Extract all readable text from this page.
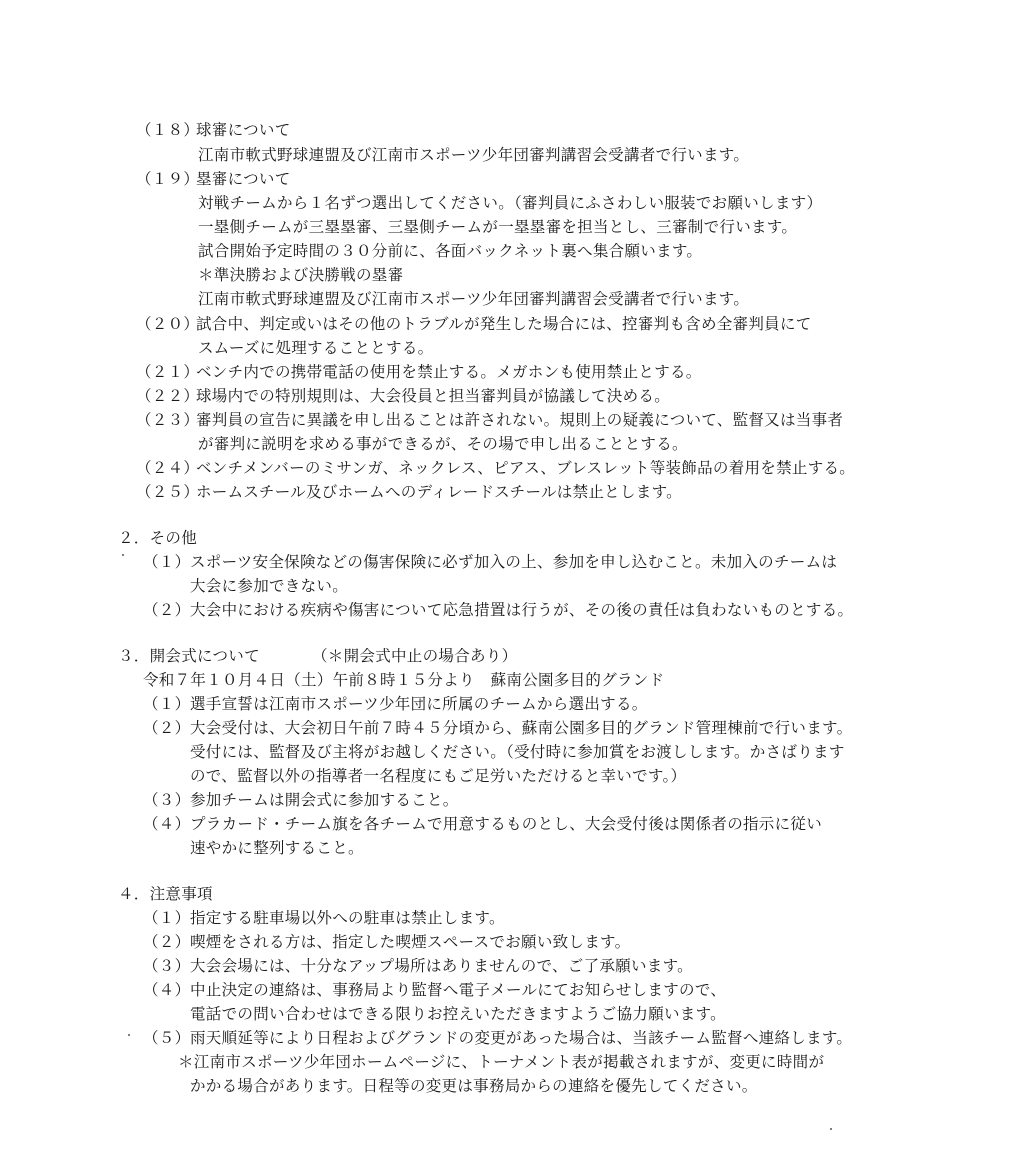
（１８）
球審について
江南市軟式野球連盟及び江南市スポーツ少年団審判講習会受講者で行います。
（１９）
塁審について
対戦チームから１名ずつ選出してください。（審判員にふさわしい服装でお願いします）
一塁側チームが三塁塁審、三塁側チームが一塁塁審を担当とし、三審制で行います。
試合開始予定時間の３０分前に、各面バックネット裏へ集合願います。
＊準決勝および決勝戦の塁審
江南市軟式野球連盟及び江南市スポーツ少年団審判講習会受講者で行います。
（２０）
試合中、判定或いはその他のトラブルが発生した場合には、控審判も含め全審判員にて
スムーズに処理することとする。
（２１）
ベンチ内での携帯電話の使用を禁止する。メガホンも使用禁止とする。
（２２）
球場内での特別規則は、大会役員と担当審判員が協議して決める。
（２３）
審判員の宣告に異議を申し出ることは許されない。規則上の疑義について、監督又は当事者
が審判に説明を求める事ができるが、その場で申し出ることとする。
（２４）
ベンチメンバーのミサンガ、ネックレス、ピアス、ブレスレット等装飾品の着用を禁止する。
（２５）
ホームスチール及びホームへのディレードスチールは禁止とします。
２．その他
（１） スポーツ安全保険などの傷害保険に必ず加入の上、参加を申し込むこと。未加入のチームは
大会に参加できない。
（２） 大会中における疾病や傷害について応急措置は行うが、その後の責任は負わないものとする。
３．開会式について	（＊開会式中止の場合あり）
令和７年１０月４日（土）午前８時１５分より　蘇南公園多目的グランド
（１） 選手宣誓は江南市スポーツ少年団に所属のチームから選出する。
（２） 大会受付は、大会初日午前７時４５分頃から、蘇南公園多目的グランド管理棟前で行います。
受付には、監督及び主将がお越しください。（受付時に参加賞をお渡しします。かさばります
ので、監督以外の指導者一名程度にもご足労いただけると幸いです。）
（３） 参加チームは開会式に参加すること。
（４） プラカード・チーム旗を各チームで用意するものとし、大会受付後は関係者の指示に従い
速やかに整列すること。
４．注意事項
（１） 指定する駐車場以外への駐車は禁止します。
（２） 喫煙をされる方は、指定した喫煙スペースでお願い致します。
（３） 大会会場には、十分なアップ場所はありませんので、ご了承願います。
（４） 中止決定の連絡は、事務局より監督へ電子メールにてお知らせしますので、
電話での問い合わせはできる限りお控えいただきますようご協力願います。
（５） 雨天順延等により日程およびグランドの変更があった場合は、当該チーム監督へ連絡します。
＊江南市スポーツ少年団ホームページに、トーナメント表が掲載されますが、変更に時間が
かかる場合があります。日程等の変更は事務局からの連絡を優先してください。
